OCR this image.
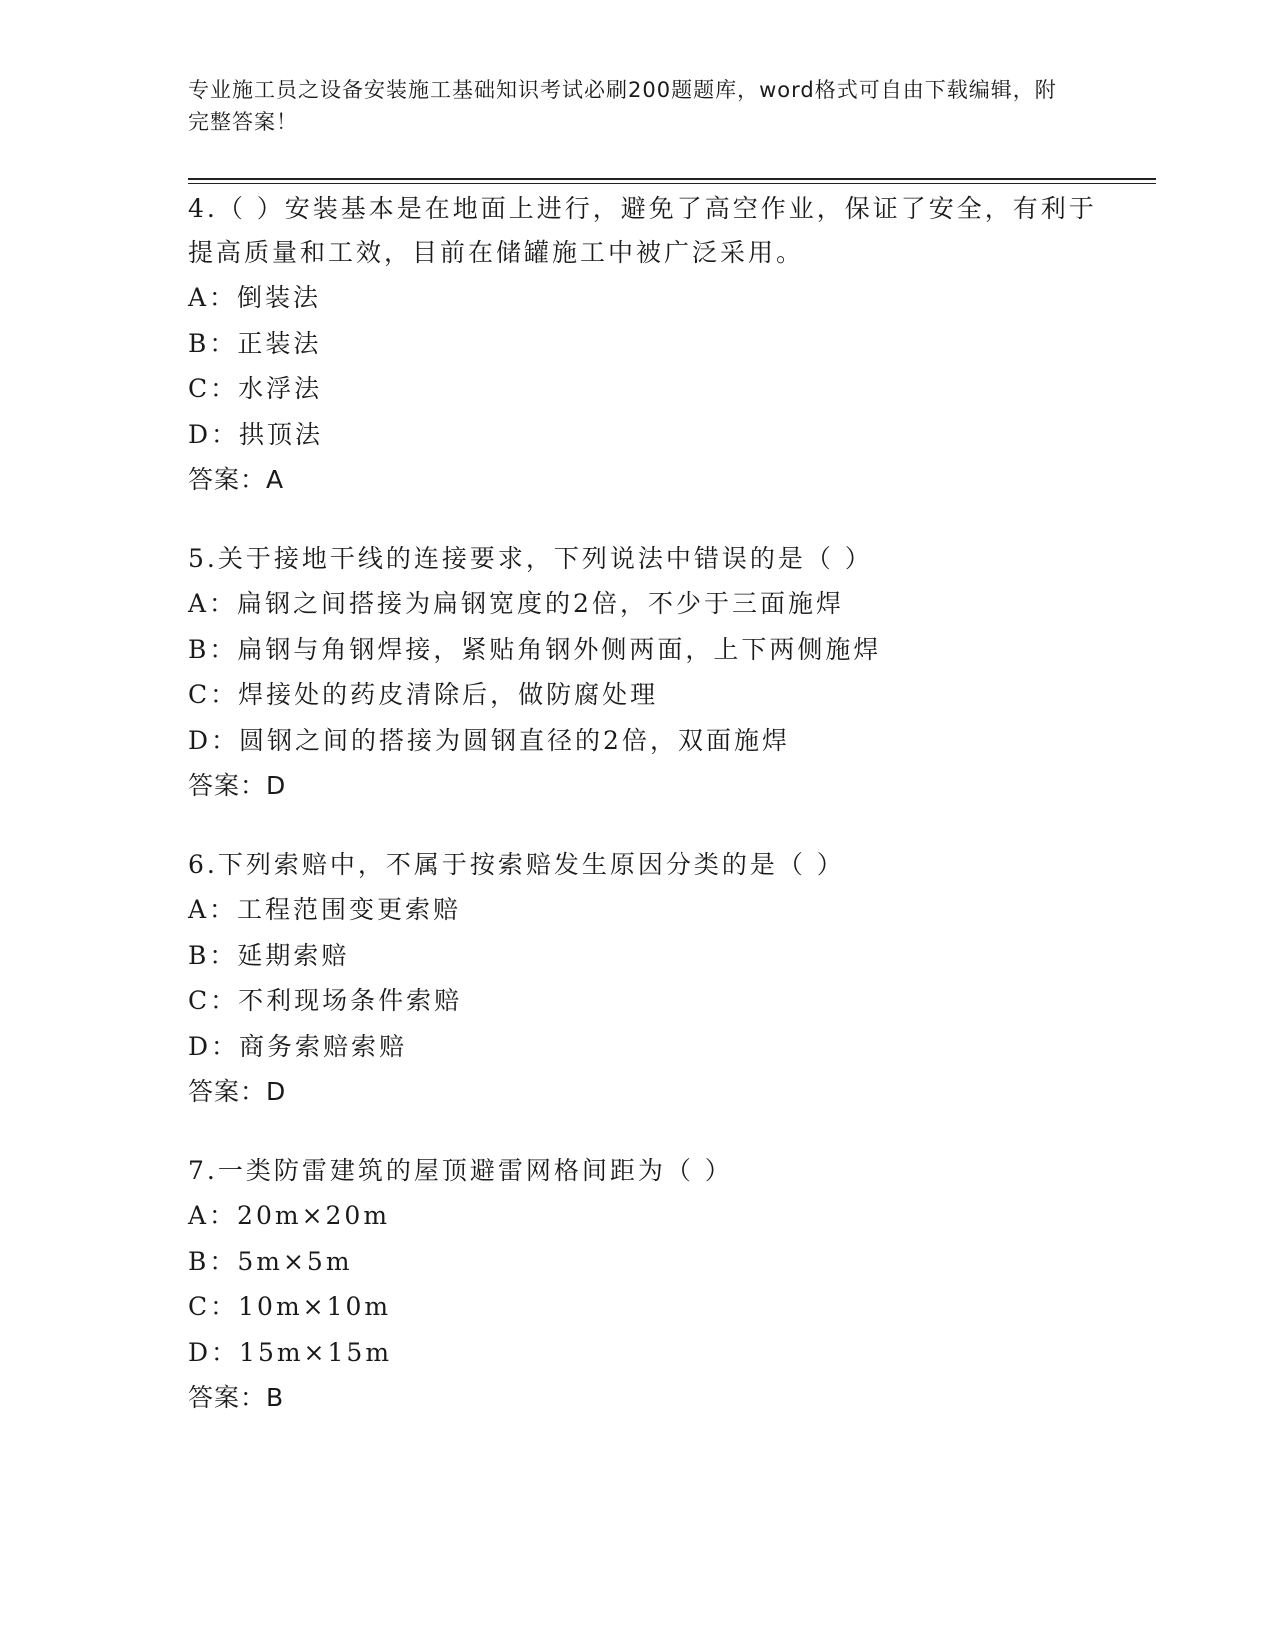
专业施工员之设备安装施工基础知识考试必刷200题题库，word格式可自由下载编辑，附完整答案！
4.（ ）安装基本是在地面上进行，避免了高空作业，保证了安全，有利于提高质量和工效，目前在储罐施工中被广泛采用。
A：倒装法
B：正装法
C：水浮法
D：拱顶法
答案：A
5.关于接地干线的连接要求，下列说法中错误的是（ ）
A：扁钢之间搭接为扁钢宽度的2倍，不少于三面施焊
B：扁钢与角钢焊接，紧贴角钢外侧两面，上下两侧施焊
C：焊接处的药皮清除后，做防腐处理
D：圆钢之间的搭接为圆钢直径的2倍，双面施焊
答案：D
6.下列索赔中，不属于按索赔发生原因分类的是（ ）
A：工程范围变更索赔
B：延期索赔
C：不利现场条件索赔
D：商务索赔索赔
答案：D
7.一类防雷建筑的屋顶避雷网格间距为（ ）
A：20m×20m
B：5m×5m
C：10m×10m
D：15m×15m
答案：B
